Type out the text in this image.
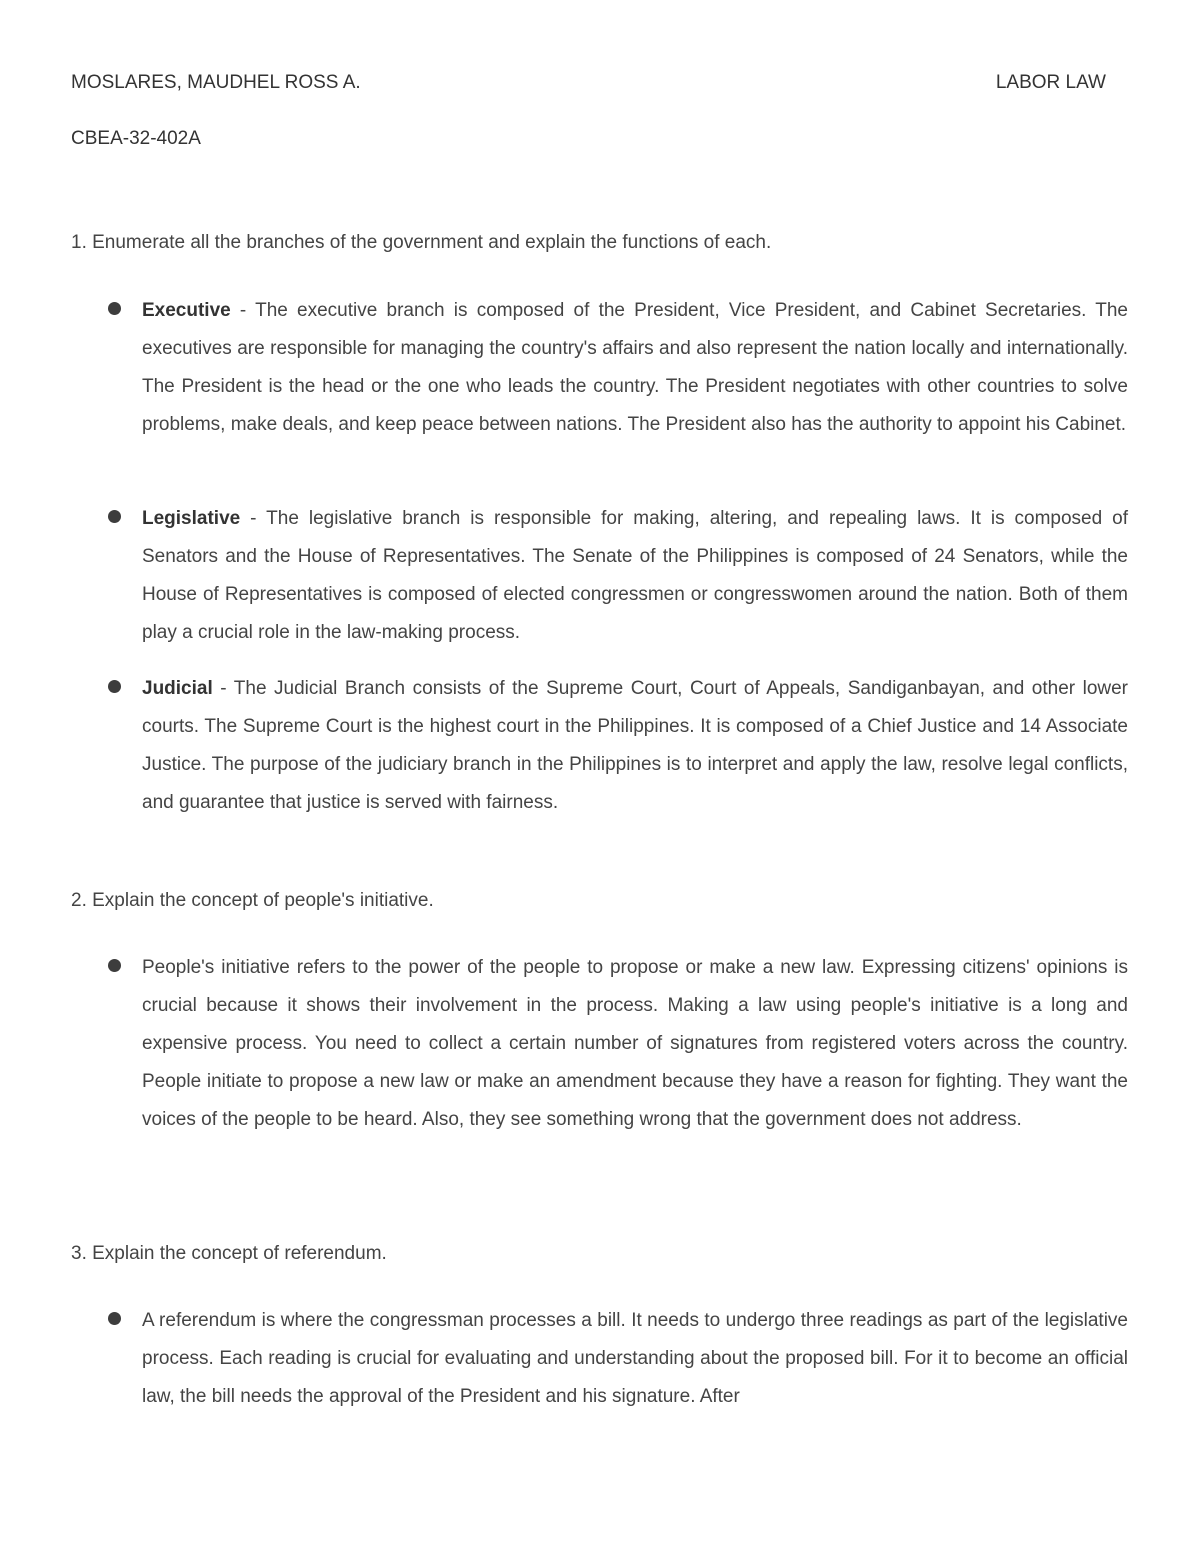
MOSLARES, MAUDHEL ROSS A.	LABOR LAW
CBEA-32-402A
1. Enumerate all the branches of the government and explain the functions of each.
Executive - The executive branch is composed of the President, Vice President, and Cabinet Secretaries. The executives are responsible for managing the country's affairs and also represent the nation locally and internationally. The President is the head or the one who leads the country. The President negotiates with other countries to solve problems, make deals, and keep peace between nations. The President also has the authority to appoint his Cabinet.
Legislative - The legislative branch is responsible for making, altering, and repealing laws. It is composed of Senators and the House of Representatives. The Senate of the Philippines is composed of 24 Senators, while the House of Representatives is composed of elected congressmen or congresswomen around the nation. Both of them play a crucial role in the law-making process.
Judicial - The Judicial Branch consists of the Supreme Court, Court of Appeals, Sandiganbayan, and other lower courts. The Supreme Court is the highest court in the Philippines. It is composed of a Chief Justice and 14 Associate Justice. The purpose of the judiciary branch in the Philippines is to interpret and apply the law, resolve legal conflicts, and guarantee that justice is served with fairness.
2. Explain the concept of people's initiative.
People's initiative refers to the power of the people to propose or make a new law. Expressing citizens' opinions is crucial because it shows their involvement in the process. Making a law using people's initiative is a long and expensive process. You need to collect a certain number of signatures from registered voters across the country. People initiate to propose a new law or make an amendment because they have a reason for fighting. They want the voices of the people to be heard. Also, they see something wrong that the government does not address.
3. Explain the concept of referendum.
A referendum is where the congressman processes a bill. It needs to undergo three readings as part of the legislative process. Each reading is crucial for evaluating and understanding about the proposed bill. For it to become an official law, the bill needs the approval of the President and his signature. After
